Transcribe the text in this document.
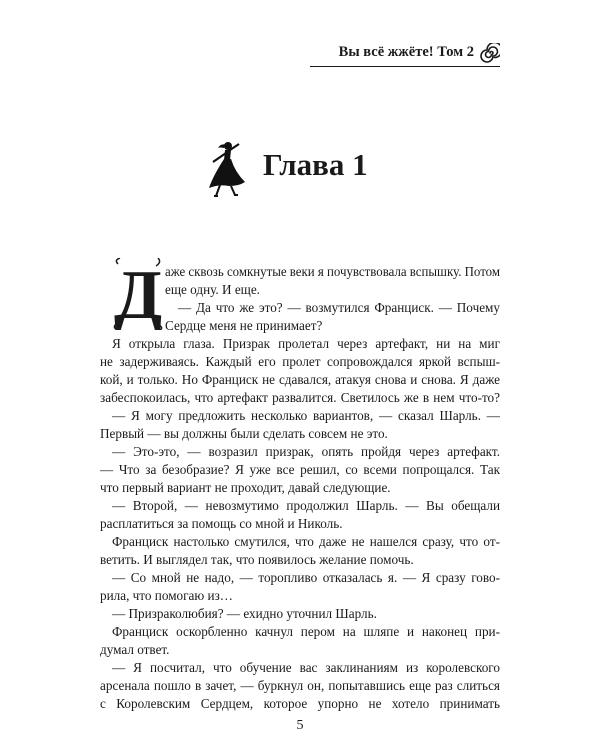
Вы всё жжёте! Том 2
Глава 1
Д аже сквозь сомкнутые веки я почувствовала вспышку. Потом
еще одну. И еще.
— Да что же это? — возмутился Франциск. — Почему
Сердце меня не принимает?
Я открыла глаза. Призрак пролетал через артефакт, ни на миг
не задерживаясь. Каждый его пролет сопровождался яркой вспыш-
кой, и только. Но Франциск не сдавался, атакуя снова и снова. Я даже
забеспокоилась, что артефакт развалится. Светилось же в нем что-то?
— Я могу предложить несколько вариантов, — сказал Шарль. —
Первый — вы должны были сделать совсем не это.
— Это-это, — возразил призрак, опять пройдя через артефакт.
— Что за безобразие? Я уже все решил, со всеми попрощался. Так
что первый вариант не проходит, давай следующие.
— Второй, — невозмутимо продолжил Шарль. — Вы обещали
расплатиться за помощь со мной и Николь.
Франциск настолько смутился, что даже не нашелся сразу, что от-
ветить. И выглядел так, что появилось желание помочь.
— Со мной не надо, — торопливо отказалась я. — Я сразу гово-
рила, что помогаю из…
— Призраколюбия? — ехидно уточнил Шарль.
Франциск оскорбленно качнул пером на шляпе и наконец при-
думал ответ.
— Я посчитал, что обучение вас заклинаниям из королевского
арсенала пошло в зачет, — буркнул он, попытавшись еще раз слиться
с Королевским Сердцем, которое упорно не хотело принимать
5
